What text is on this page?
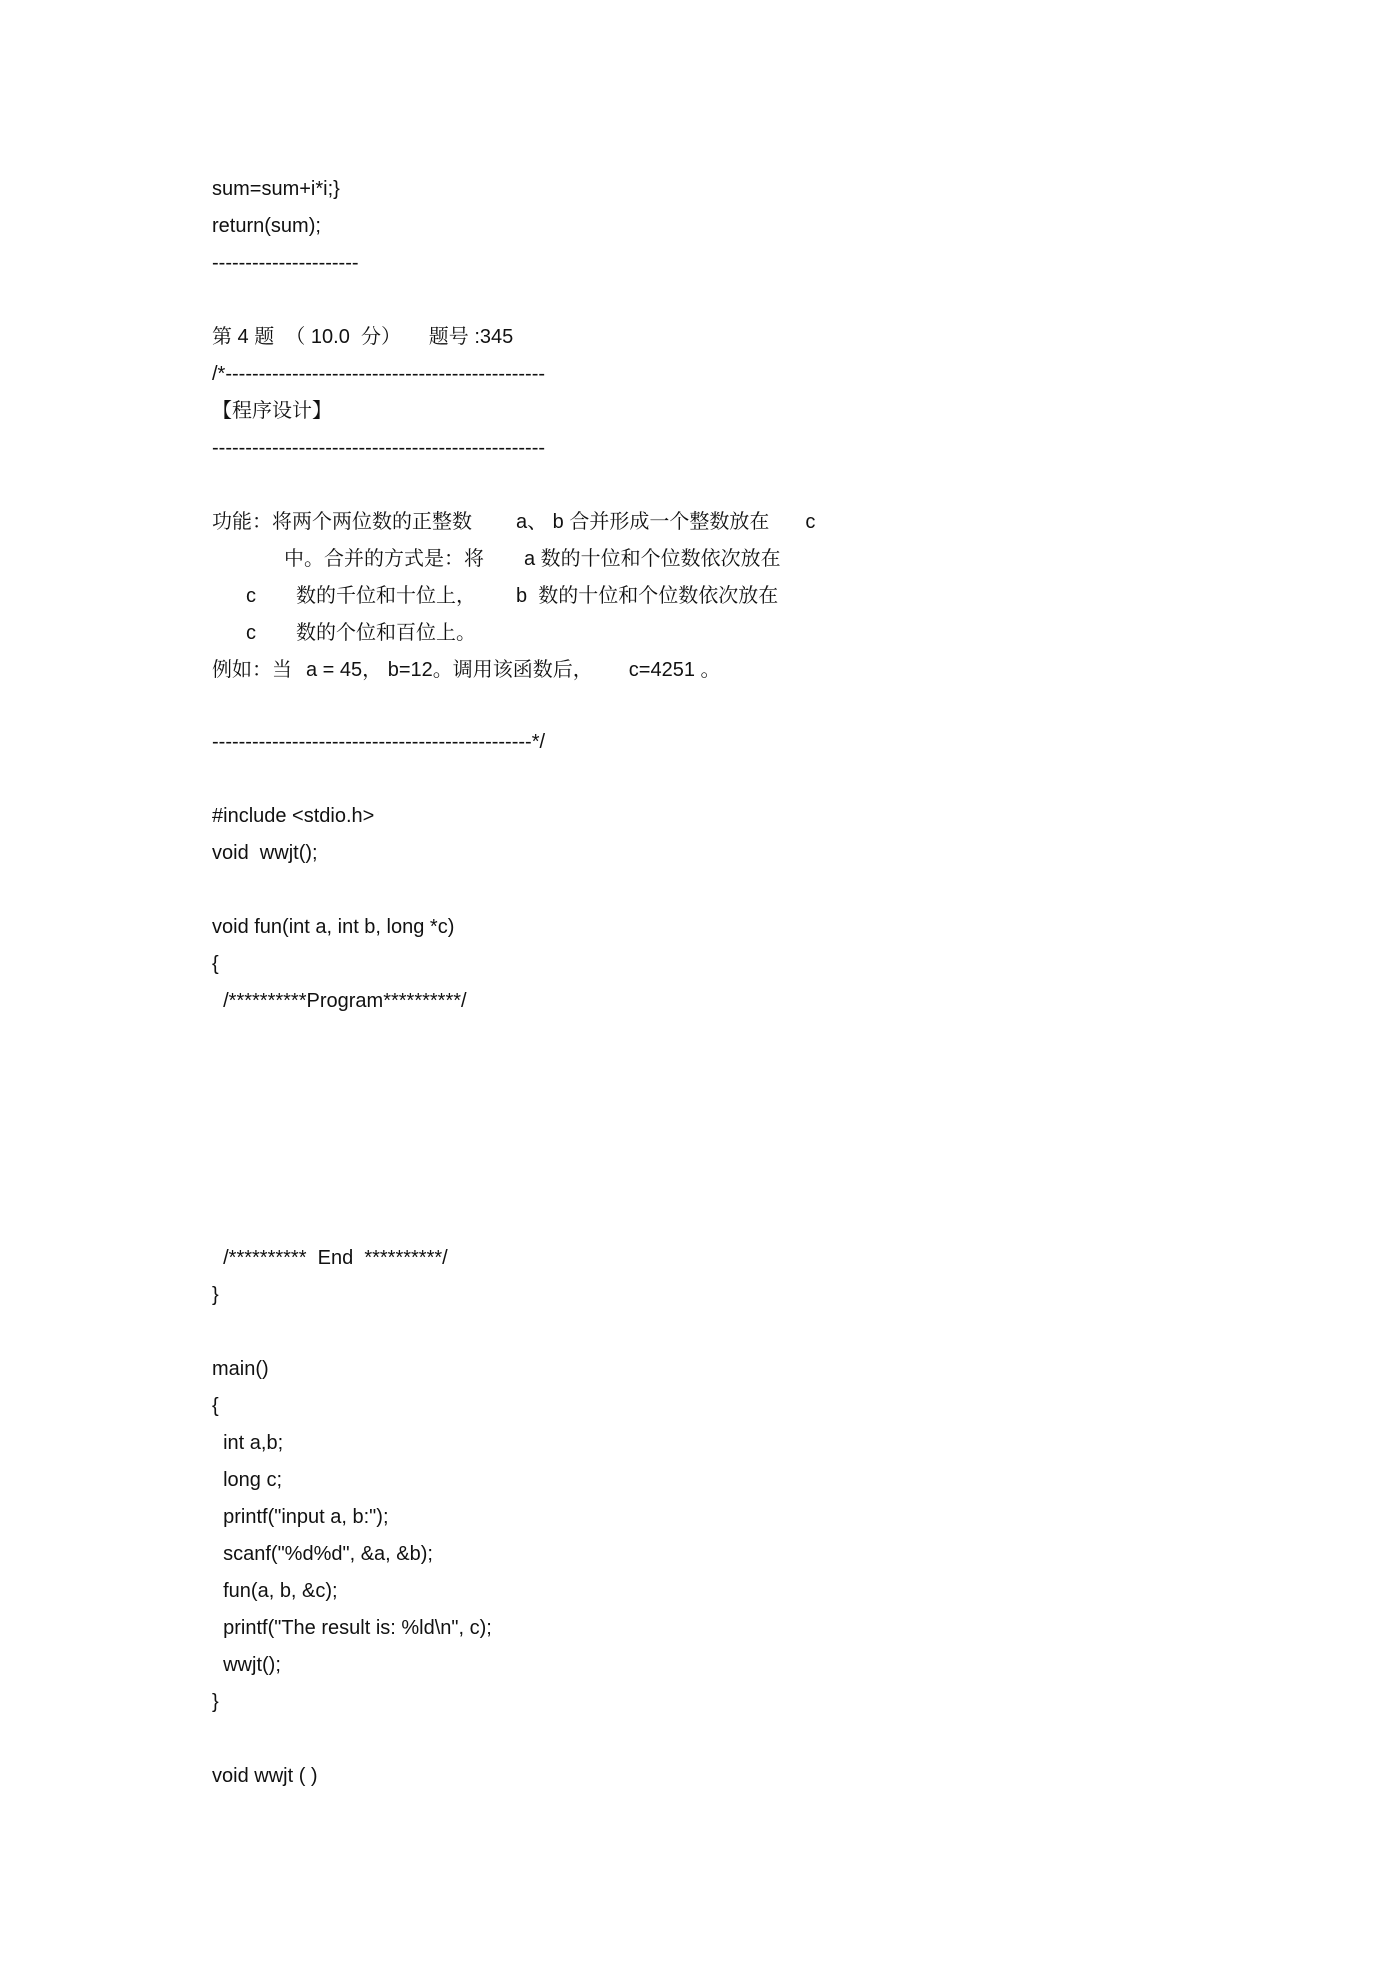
sum=sum+i*i;}
return(sum);
----------------------
第 4 题 （ 10.0  分） 题号 :345
/*------------------------------------------------
【程序设计】
--------------------------------------------------
功能：将两个两位数的正整数 a、 b 合并形成一个整数放在 c
中。合并的方式是：将 a 数的十位和个位数依次放在
c 数的千位和十位上， b  数的十位和个位数依次放在
c 数的个位和百位上。
例如：当 a = 45， b=12。调用该函数后， c=4251 。
------------------------------------------------*/
#include <stdio.h>
void  wwjt();
void fun(int a, int b, long *c)
{
/**********Program**********/
/**********  End  **********/
}
main()
{
int a,b;
long c;
printf("input a, b:");
scanf("%d%d", &a, &b);
fun(a, b, &c);
printf("The result is: %ld\n", c);
wwjt();
}
void wwjt ( )
